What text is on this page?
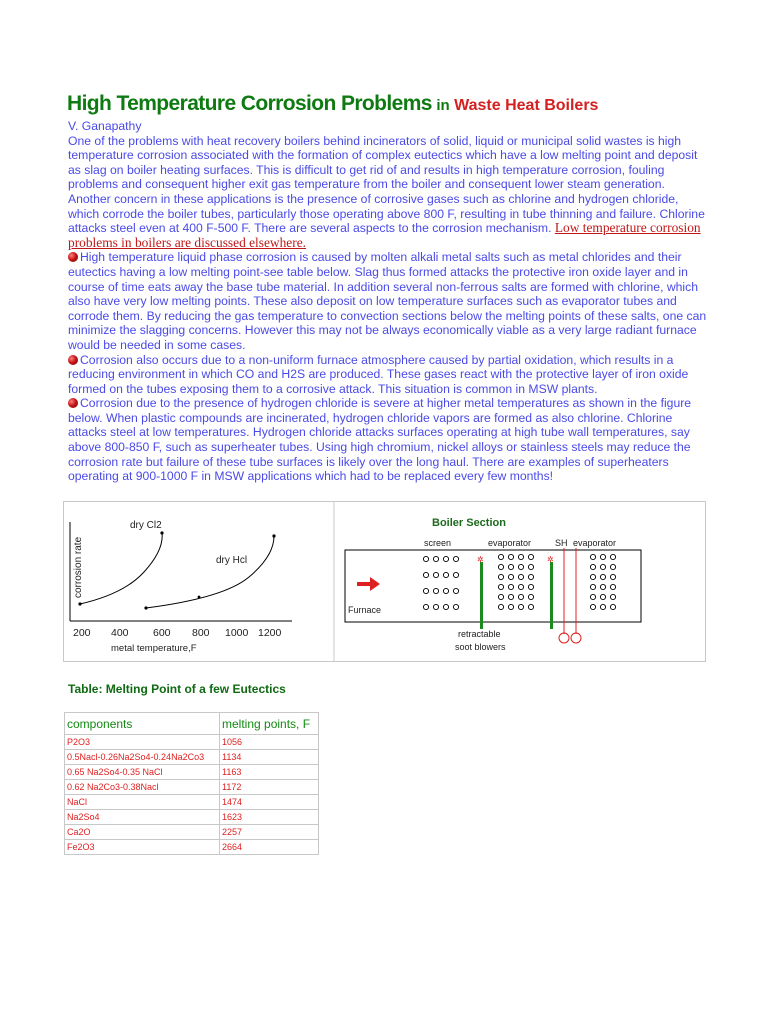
High Temperature Corrosion Problems in Waste Heat Boilers

V. Ganapathy

One of the problems with heat recovery boilers behind incinerators of solid, liquid or municipal solid wastes is high temperature corrosion associated with the formation of complex eutectics which have a low melting point and deposit as slag on boiler heating surfaces. This is difficult to get rid of and results in high temperature corrosion, fouling problems and consequent higher exit gas temperature from the boiler and consequent lower steam generation. Another concern in these applications is the presence of corrosive gases such as chlorine and hydrogen chloride, which corrode the boiler tubes, particularly those operating above 800 F, resulting in tube thinning and failure. Chlorine attacks steel even at 400 F-500 F. There are several aspects to the corrosion mechanism. Low temperature corrosion problems in boilers are discussed elsewhere.

High temperature liquid phase corrosion is caused by molten alkali metal salts such as metal chlorides and their eutectics having a low melting point-see table below. Slag thus formed attacks the protective iron oxide layer and in course of time eats away the base tube material. In addition several non-ferrous salts are formed with chlorine, which also have very low melting points. These also deposit on low temperature surfaces such as evaporator tubes and corrode them. By reducing the gas temperature to convection sections below the melting points of these salts, one can minimize the slagging concerns. However this may not be always economically viable as a very large radiant furnace would be needed in some cases.

Corrosion also occurs due to a non-uniform furnace atmosphere caused by partial oxidation, which results in a reducing environment in which CO and H2S are produced. These gases react with the protective layer of iron oxide formed on the tubes exposing them to a corrosive attack. This situation is common in MSW plants.

Corrosion due to the presence of hydrogen chloride is severe at higher metal temperatures as shown in the figure below. When plastic compounds are incinerated, hydrogen chloride vapors are formed as also chlorine. Chlorine attacks steel at low temperatures. Hydrogen chloride attacks surfaces operating at high tube wall temperatures, say above 800-850 F, such as superheater tubes. Using high chromium, nickel alloys or stainless steels may reduce the corrosion rate but failure of these tube surfaces is likely over the long haul. There are examples of superheaters operating at 900-1000 F in MSW applications which had to be replaced every few months!

corrosion rate
dry Cl2
dry Hcl
200 400 600 800 1000 1200
metal temperature,F
Boiler Section
screen	evaporator	SH evaporator
Furnace
✲	✲
retractable
soot blowers
Table: Melting Point of a few Eutectics
components	melting points, F
P2O3	1056
0.5Nacl-0.26Na2So4-0.24Na2Co3	1134
0.65 Na2So4-0.35 NaCl	1163
0.62 Na2Co3-0.38Nacl	1172
NaCl	1474
Na2So4	1623
Ca2O	2257
Fe2O3	2664
